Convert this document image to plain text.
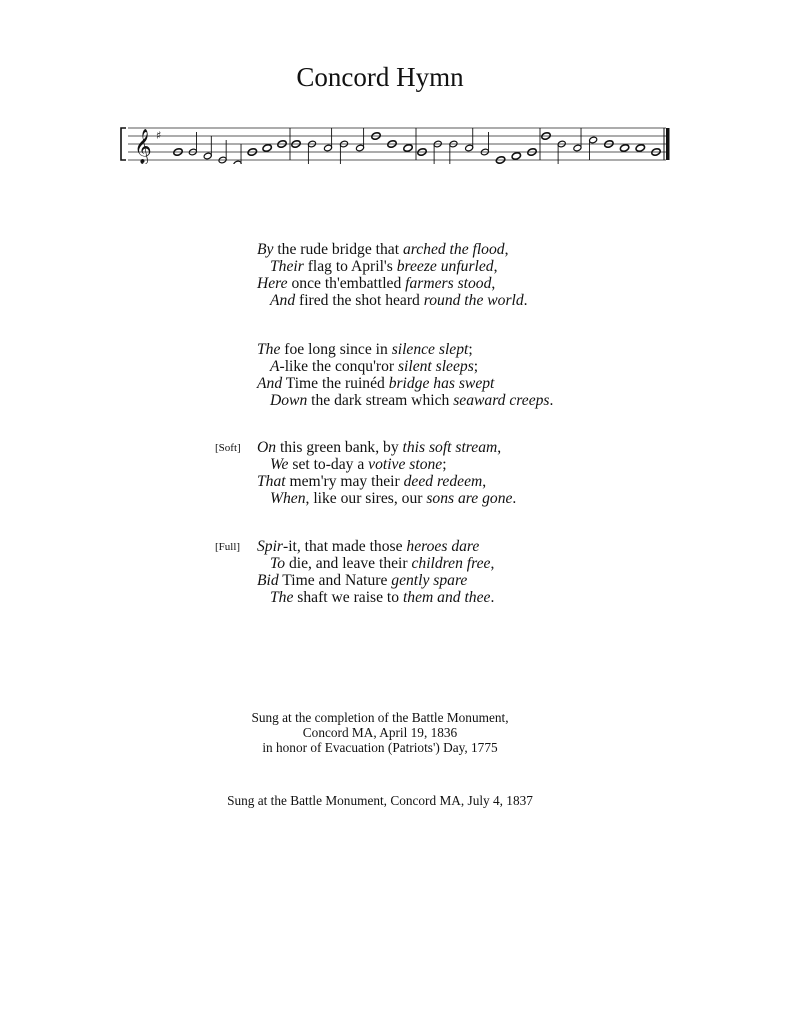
Concord Hymn
𝄞 ♯
By the rude bridge that arched the flood,
Their flag to April's breeze unfurled,
Here once th'embattled farmers stood,
And fired the shot heard round the world.
The foe long since in silence slept;
A-like the conqu'ror silent sleeps;
And Time the ruinéd bridge has swept
Down the dark stream which seaward creeps.
On this green bank, by this soft stream,
We set to-day a votive stone;
That mem'ry may their deed redeem,
When, like our sires, our sons are gone.
[Soft]
Spir-it, that made those heroes dare
To die, and leave their children free,
Bid Time and Nature gently spare
The shaft we raise to them and thee.
[Full]
Sung at the completion of the Battle Monument,
Concord MA, April 19, 1836
in honor of Evacuation (Patriots') Day, 1775
Sung at the Battle Monument, Concord MA, July 4, 1837
